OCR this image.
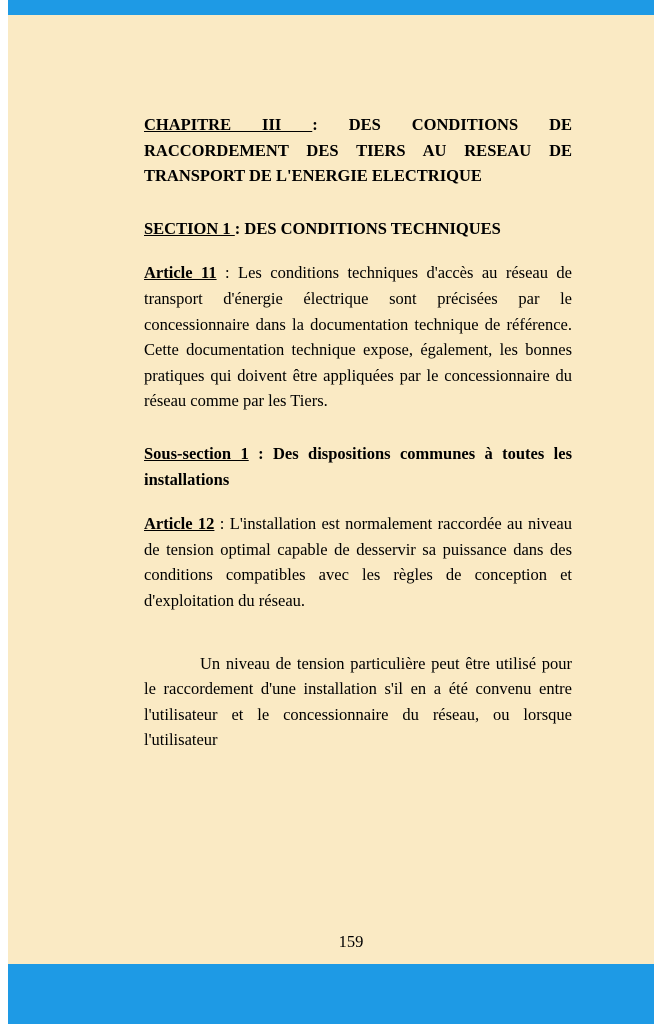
CHAPITRE III : DES CONDITIONS DE RACCORDEMENT DES TIERS AU RESEAU DE TRANSPORT DE L'ENERGIE ELECTRIQUE

SECTION 1 : DES CONDITIONS TECHNIQUES

Article 11 : Les conditions techniques d'accès au réseau de transport d'énergie électrique sont précisées par le concessionnaire dans la documentation technique de référence. Cette documentation technique expose, également, les bonnes pratiques qui doivent être appliquées par le concessionnaire du réseau comme par les Tiers.

Sous-section 1 : Des dispositions communes à toutes les installations

Article 12 : L'installation est normalement raccordée au niveau de tension optimal capable de desservir sa puissance dans des conditions compatibles avec les règles de conception et d'exploitation du réseau.

Un niveau de tension particulière peut être utilisé pour le raccordement d'une installation s'il en a été convenu entre l'utilisateur et le concessionnaire du réseau, ou lorsque l'utilisateur

159
